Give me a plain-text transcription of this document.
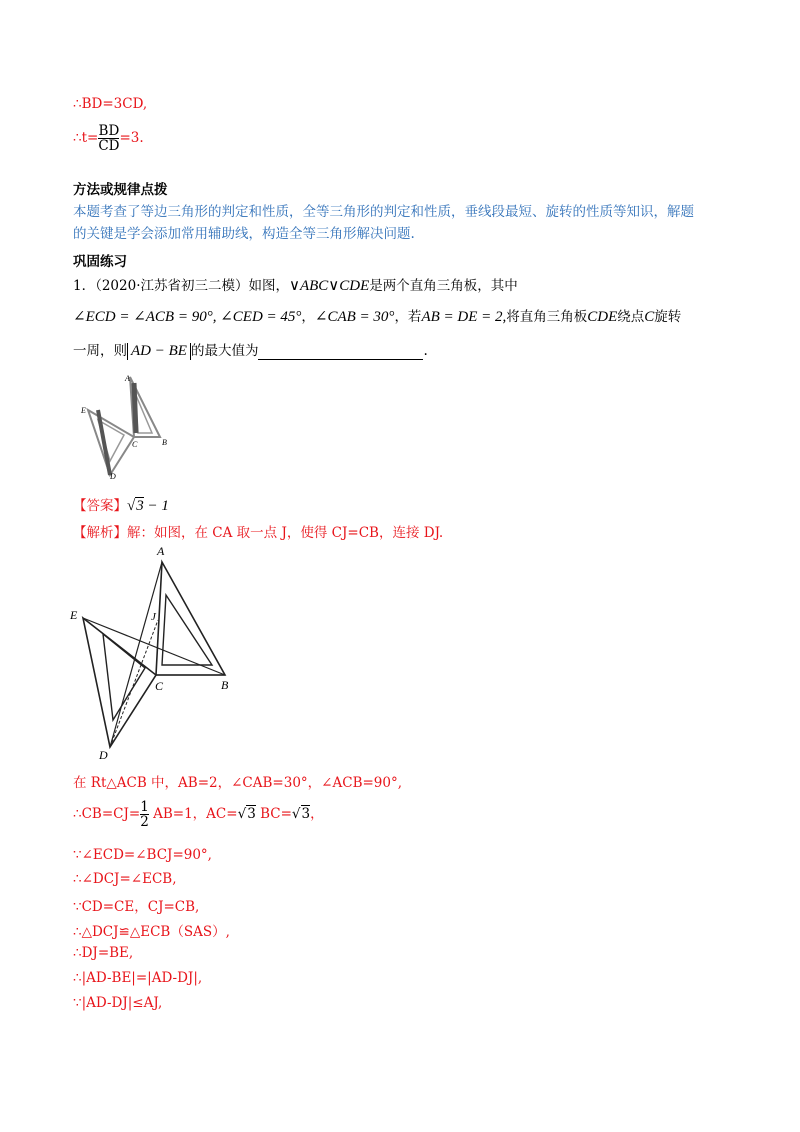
∴BD=3CD,
∴t= $\frac{BD}{CD} =3$.
方法或规律点拨
本题考查了等边三角形的判定和性质，全等三角形的判定和性质，垂线段最短、旋转的性质等知识，解题
的关键是学会添加常用辅助线，构造全等三角形解决问题.
巩固练习
1．（2020·江苏省初三二模）如图，∨ABC∨CDE是两个直角三角板，其中
∠ECD = ∠ACB = 90°, ∠CED = 45°，∠CAB = 30°，若AB = DE = 2,将直角三角板CDE绕点C旋转
一周，则 AD − BE 的最大值为	.
A
E
C	B
D
【答案】√3 − 1
【解析】解：如图，在 CA 取一点 J，使得 CJ=CB，连接 DJ.
A
J
E
C	B
D
在 Rt△ACB 中，AB=2，∠CAB=30°，∠ACB=90°,
∴CB=CJ= $\frac{1}{2} AB=1$，AC=√3 BC=√3，
∵∠ECD=∠BCJ=90°,
∴∠DCJ=∠ECB,
∵CD=CE，CJ=CB,
∴△DCJ≌△ECB（SAS）,
∴DJ=BE,
∴|AD-BE|=|AD-DJ|,
∵|AD-DJ|≤AJ,
